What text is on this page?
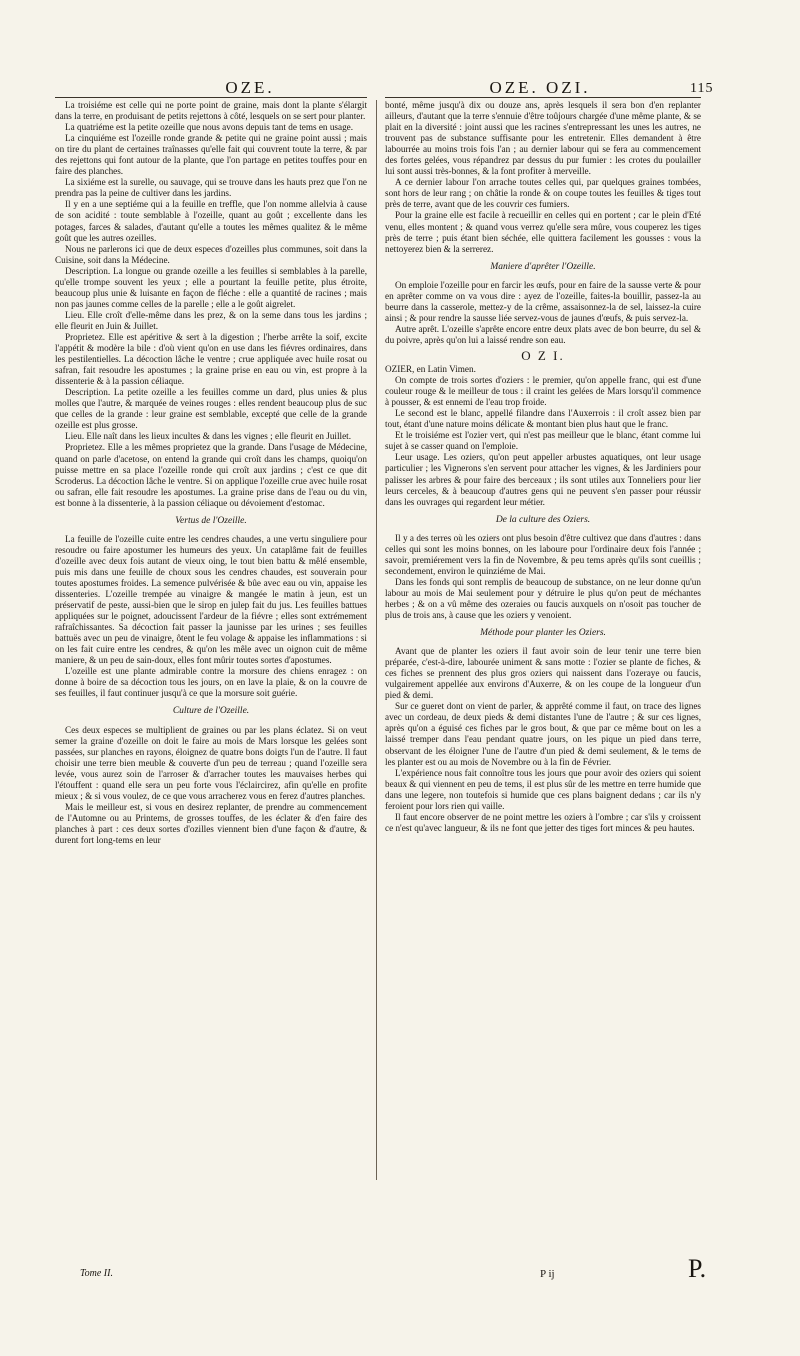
OZE.	OZE. OZI.	115

La troisiéme est celle qui ne porte point de graine, mais dont la plante s'élargit dans la terre, en produisant de petits rejettons à côté, lesquels on se sert pour planter.

La quatriéme est la petite ozeille que nous avons depuis tant de tems en usage.

La cinquiéme est l'ozeille ronde grande & petite qui ne graine point aussi ; mais on tire du plant de certaines traînasses qu'elle fait qui couvrent toute la terre, & par des rejettons qui font autour de la plante, que l'on partage en petites touffes pour en faire des planches.

La sixiéme est la surelle, ou sauvage, qui se trouve dans les hauts prez que l'on ne prendra pas la peine de cultiver dans les jardins.

Il y en a une septiéme qui a la feuille en treffle, que l'on nomme allelvia à cause de son acidité : toute semblable à l'ozeille, quant au goût ; excellente dans les potages, farces & salades, d'autant qu'elle a toutes les mêmes qualitez & le même goût que les autres ozeilles.

Nous ne parlerons ici que de deux especes d'ozeilles plus communes, soit dans la Cuisine, soit dans la Médecine.

Description. La longue ou grande ozeille a les feuilles si semblables à la parelle, qu'elle trompe souvent les yeux ; elle a pourtant la feuille petite, plus étroite, beaucoup plus unie & luisante en façon de fléche : elle a quantité de racines ; mais non pas jaunes comme celles de la parelle ; elle a le goût aigrelet.

Lieu. Elle croît d'elle-même dans les prez, & on la seme dans tous les jardins ; elle fleurit en Juin & Juillet.

Proprietez. Elle est apéritive & sert à la digestion ; l'herbe arrête la soif, excite l'appétit & modère la bile : d'où vient qu'on en use dans les fiévres ordinaires, dans les pestilentielles. La décoction lâche le ventre ; crue appliquée avec huile rosat ou safran, fait resoudre les apostumes ; la graine prise en eau ou vin, est propre à la dissenterie & à la passion céliaque.

Description. La petite ozeille a les feuilles comme un dard, plus unies & plus molles que l'autre, & marquée de veines rouges : elles rendent beaucoup plus de suc que celles de la grande : leur graine est semblable, excepté que celle de la grande ozeille est plus grosse.

Lieu. Elle naît dans les lieux incultes & dans les vignes ; elle fleurit en Juillet.

Proprietez. Elle a les mêmes proprietez que la grande. Dans l'usage de Médecine, quand on parle d'acetose, on entend la grande qui croît dans les champs, quoiqu'on puisse mettre en sa place l'ozeille ronde qui croît aux jardins ; c'est ce que dit Scroderus. La décoction lâche le ventre. Si on applique l'ozeille crue avec huile rosat ou safran, elle fait resoudre les apostumes. La graine prise dans de l'eau ou du vin, est bonne à la dissenterie, à la passion céliaque ou dévoiement d'estomac.

Vertus de l'Ozeille.

La feuille de l'ozeille cuite entre les cendres chaudes, a une vertu singuliere pour resoudre ou faire apostumer les humeurs des yeux. Un cataplâme fait de feuilles d'ozeille avec deux fois autant de vieux oing, le tout bien battu & mêlé ensemble, puis mis dans une feuille de choux sous les cendres chaudes, est souverain pour toutes apostumes froides. La semence pulvérisée & bûe avec eau ou vin, appaise les dissenteries. L'ozeille trempée au vinaigre & mangée le matin à jeun, est un préservatif de peste, aussi-bien que le sirop en julep fait du jus. Les feuilles battues appliquées sur le poignet, adoucissent l'ardeur de la fiévre ; elles sont extrémement rafraîchissantes. Sa décoction fait passer la jaunisse par les urines ; ses feuilles battuës avec un peu de vinaigre, ôtent le feu volage & appaise les inflammations : si on les fait cuire entre les cendres, & qu'on les mêle avec un oignon cuit de même maniere, & un peu de sain-doux, elles font mûrir toutes sortes d'apostumes.

L'ozeille est une plante admirable contre la morsure des chiens enragez : on donne à boire de sa décoction tous les jours, on en lave la plaie, & on la couvre de ses feuilles, il faut continuer jusqu'à ce que la morsure soit guérie.

Culture de l'Ozeille.

Ces deux especes se multiplient de graines ou par les plans éclatez. Si on veut semer la graine d'ozeille on doit le faire au mois de Mars lorsque les gelées sont passées, sur planches en rayons, éloignez de quatre bons doigts l'un de l'autre. Il faut choisir une terre bien meuble & couverte d'un peu de terreau ; quand l'ozeille sera levée, vous aurez soin de l'arroser & d'arracher toutes les mauvaises herbes qui l'étouffent : quand elle sera un peu forte vous l'éclaircirez, afin qu'elle en profite mieux ; & si vous voulez, de ce que vous arracherez vous en ferez d'autres planches.

Mais le meilleur est, si vous en desirez replanter, de prendre au commencement de l'Automne ou au Printems, de grosses touffes, de les éclater & d'en faire des planches à part : ces deux sortes d'ozilles viennent bien d'une façon & d'autre, & durent fort long-tems en leur

bonté, même jusqu'à dix ou douze ans, après lesquels il sera bon d'en replanter ailleurs, d'autant que la terre s'ennuie d'être toûjours chargée d'une même plante, & se plait en la diversité : joint aussi que les racines s'entrepressant les unes les autres, ne trouvent pas de substance suffisante pour les entretenir. Elles demandent à être labourrée au moins trois fois l'an ; au dernier labour qui se fera au commencement des fortes gelées, vous répandrez par dessus du pur fumier : les crotes du poulailler lui sont aussi très-bonnes, & la font profiter à merveille.

A ce dernier labour l'on arrache toutes celles qui, par quelques graines tombées, sont hors de leur rang ; on châtie la ronde & on coupe toutes les feuilles & tiges tout près de terre, avant que de les couvrir ces fumiers.

Pour la graine elle est facile à recueillir en celles qui en portent ; car le plein d'Eté venu, elles montent ; & quand vous verrez qu'elle sera mûre, vous couperez les tiges près de terre ; puis étant bien séchée, elle quittera facilement les gousses : vous la nettoyerez bien & la serrerez.

Maniere d'aprêter l'Ozeille.

On emploie l'ozeille pour en farcir les œufs, pour en faire de la sausse verte & pour en aprêter comme on va vous dire : ayez de l'ozeille, faites-la bouillir, passez-la au beurre dans la casserole, mettez-y de la crême, assaisonnez-la de sel, laissez-la cuire ainsi ; & pour rendre la sausse liée servez-vous de jaunes d'œufs, & puis servez-la.

Autre aprêt. L'ozeille s'aprête encore entre deux plats avec de bon beurre, du sel & du poivre, après qu'on lui a laissé rendre son eau.

O Z I.

OZIER, en Latin Vimen.

On compte de trois sortes d'oziers : le premier, qu'on appelle franc, qui est d'une couleur rouge & le meilleur de tous : il craint les gelées de Mars lorsqu'il commence à pousser, & est ennemi de l'eau trop froide.

Le second est le blanc, appellé filandre dans l'Auxerrois : il croît assez bien par tout, étant d'une nature moins délicate & montant bien plus haut que le franc.

Et le troisiéme est l'ozier vert, qui n'est pas meilleur que le blanc, étant comme lui sujet à se casser quand on l'emploie.

Leur usage. Les oziers, qu'on peut appeller arbustes aquatiques, ont leur usage particulier ; les Vignerons s'en servent pour attacher les vignes, & les Jardiniers pour palisser les arbres & pour faire des berceaux ; ils sont utiles aux Tonneliers pour lier leurs cerceles, & à beaucoup d'autres gens qui ne peuvent s'en passer pour réussir dans les ouvrages qui regardent leur métier.

De la culture des Oziers.

Il y a des terres où les oziers ont plus besoin d'être cultivez que dans d'autres : dans celles qui sont les moins bonnes, on les laboure pour l'ordinaire deux fois l'année ; savoir, premiérement vers la fin de Novembre, & peu tems après qu'ils sont cueillis ; secondement, environ le quinziéme de Mai.

Dans les fonds qui sont remplis de beaucoup de substance, on ne leur donne qu'un labour au mois de Mai seulement pour y détruire le plus qu'on peut de méchantes herbes ; & on a vû même des ozeraies ou faucis auxquels on n'osoit pas toucher de plus de trois ans, à cause que les oziers y venoient.

Méthode pour planter les Oziers.

Avant que de planter les oziers il faut avoir soin de leur tenir une terre bien préparée, c'est-à-dire, labourée uniment & sans motte : l'ozier se plante de fiches, & ces fiches se prennent des plus gros oziers qui naissent dans l'ozeraye ou faucis, vulgairement appellée aux environs d'Auxerre, & on les coupe de la longueur d'un pied & demi.

Sur ce gueret dont on vient de parler, & apprêté comme il faut, on trace des lignes avec un cordeau, de deux pieds & demi distantes l'une de l'autre ; & sur ces lignes, après qu'on a éguisé ces fiches par le gros bout, & que par ce même bout on les a laissé tremper dans l'eau pendant quatre jours, on les pique un pied dans terre, observant de les éloigner l'une de l'autre d'un pied & demi seulement, & le tems de les planter est ou au mois de Novembre ou à la fin de Février.

L'expérience nous fait connoître tous les jours que pour avoir des oziers qui soient beaux & qui viennent en peu de tems, il est plus sûr de les mettre en terre humide que dans une legere, non toutefois si humide que ces plans baignent dedans ; car ils n'y feroient pour lors rien qui vaille.

Il faut encore observer de ne point mettre les oziers à l'ombre ; car s'ils y croissent ce n'est qu'avec langueur, & ils ne font que jetter des tiges fort minces & peu hautes.

Tome II.	P ij	P.
